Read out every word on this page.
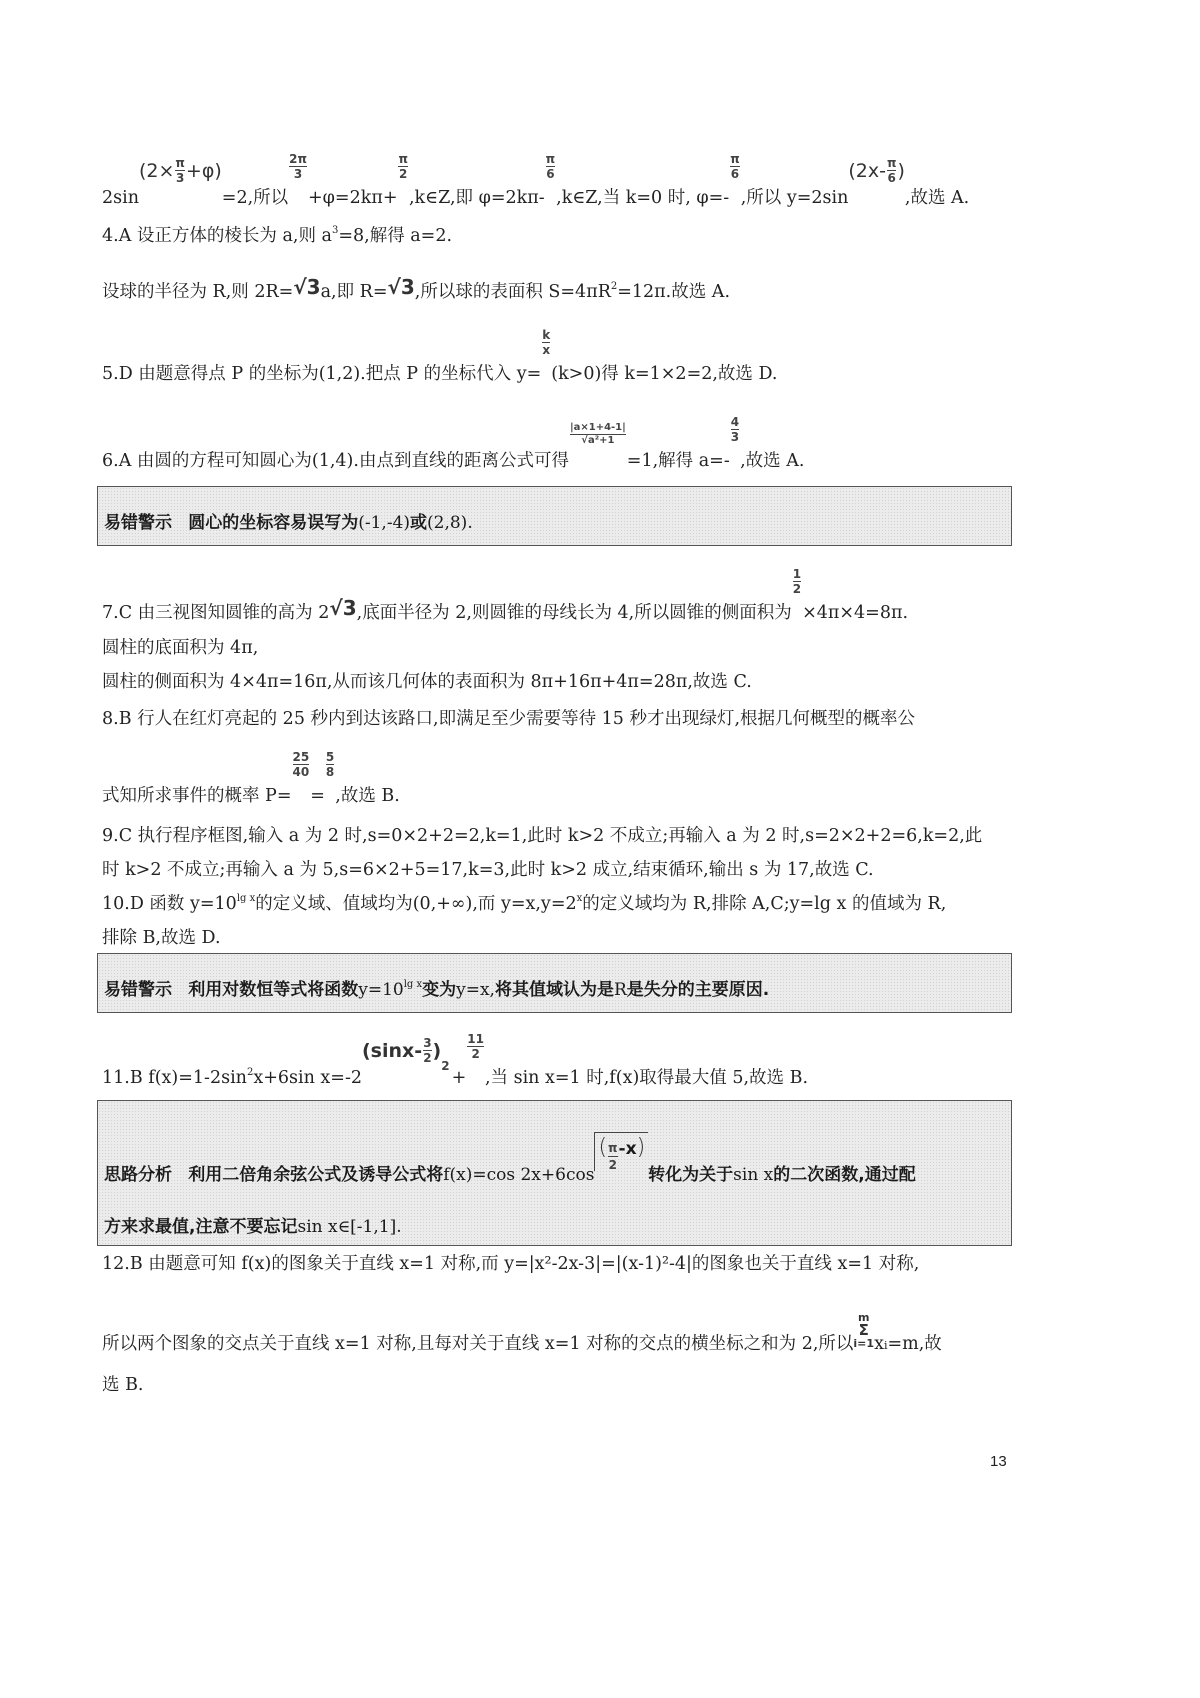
$2\sin(2\times \frac{\pi}{3} +\varphi)=2$,所以
$\frac{2\pi}{3}$
+φ=2kπ+
$\frac{\pi}{2}$
,k∈Z,即 φ=2kπ-
$\frac{\pi}{6}$
,k∈Z,当 k=0 时, φ=-
$\frac{\pi}{6}$
,所以 $y=2\sin(2x- \frac{\pi}{6}$ ),故选 A.
4.A 设正方体的棱长为 a,则 $a^3=8$,解得 a=2.
设球的半径为 R,则 2R=√3a,即 R=√3,所以球的表面积 $S=4\pi R^2=12\pi$.故选 A.
5.D 由题意得点 P 的坐标为(1,2).把点 P 的坐标代入 y=
$\frac{k}{x}$
(k>0)得 k=1×2=2,故选 D.
6.A 由圆的方程可知圆心为(1,4).由点到直线的距离公式可得
$\frac{|a\times 1+4-1|}{\text{√a²+1}}$
=1,解得 a=-
$\frac{4}{3}$
,故选 A.
易错警示 圆心的坐标容易误写为(-1,-4)或(2,8).
7.C 由三视图知圆锥的高为 2√3,底面半径为 2,则圆锥的母线长为 4,所以圆锥的侧面积为
$\frac{1}{2}$
×4π×4=8π.
圆柱的底面积为 4π,
圆柱的侧面积为 4×4π=16π,从而该几何体的表面积为 8π+16π+4π=28π,故选 C.
8.B 行人在红灯亮起的 25 秒内到达该路口,即满足至少需要等待 15 秒才出现绿灯,根据几何概型的概率公
式知所求事件的概率 P=
$\frac{25}{40}$
=
$\frac{5}{8}$
,故选 B.
9.C 执行程序框图,输入 a 为 2 时,s=0×2+2=2,k=1,此时 k>2 不成立;再输入 a 为 2 时,s=2×2+2=6,k=2,此
时 k>2 不成立;再输入 a 为 5,s=6×2+5=17,k=3,此时 k>2 成立,结束循环,输出 s 为 17,故选 C.
10.D 函数 $y=10^{lg x}$的定义域、值域均为(0,+∞),而 $y=x,y=2^x$的定义域均为 R,排除 A,C;y=lg x 的值域为 R,
排除 B,故选 D.
易错警示 利用对数恒等式将函数$y=10^{lg x}$变为y=x,将其值域认为是R是失分的主要原因.
11.B $f(x)=1-2\sin^2x+6\sin$ $x=-2(\sin x- \frac{3}{2} )2+$
$\frac{11}{2}$
,当 sin x=1 时,f(x)取得最大值 5,故选 B.
思路分析 利用二倍角余弦公式及诱导公式将f(x)=cos $2x+6\cos( \frac{\pi}{2} -x)$转化为关于sin x的二次函数,通过配
方来求最值,注意不要忘记sin x∈[-1,1].
12.B 由题意可知 f(x)的图象关于直线 x=1 对称,而 y=|x²-2x-3|=|(x-1)²-4|的图象也关于直线 x=1 对称,
所以两个图象的交点关于直线 x=1 对称,且每对关于直线 x=1 对称的交点的横坐标之和为 2,所以
m
Σ
i=1 xi=m,故
选 B.
13
